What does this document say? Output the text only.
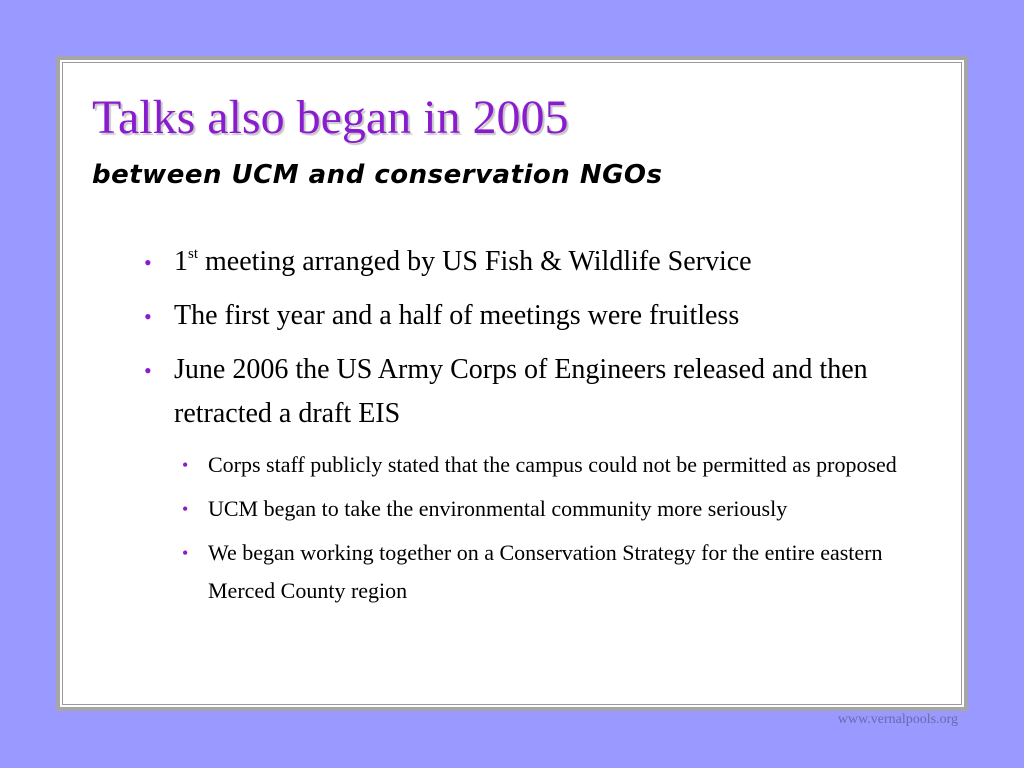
Talks also began in 2005
between UCM and conservation NGOs
• 1st meeting arranged by US Fish & Wildlife Service
• The first year and a half of meetings were fruitless
• June 2006 the US Army Corps of Engineers released and then retracted a draft EIS
• Corps staff publicly stated that the campus could not be permitted as proposed
• UCM began to take the environmental community more seriously
• We began working together on a Conservation Strategy for the entire eastern Merced County region
www.vernalpools.org
